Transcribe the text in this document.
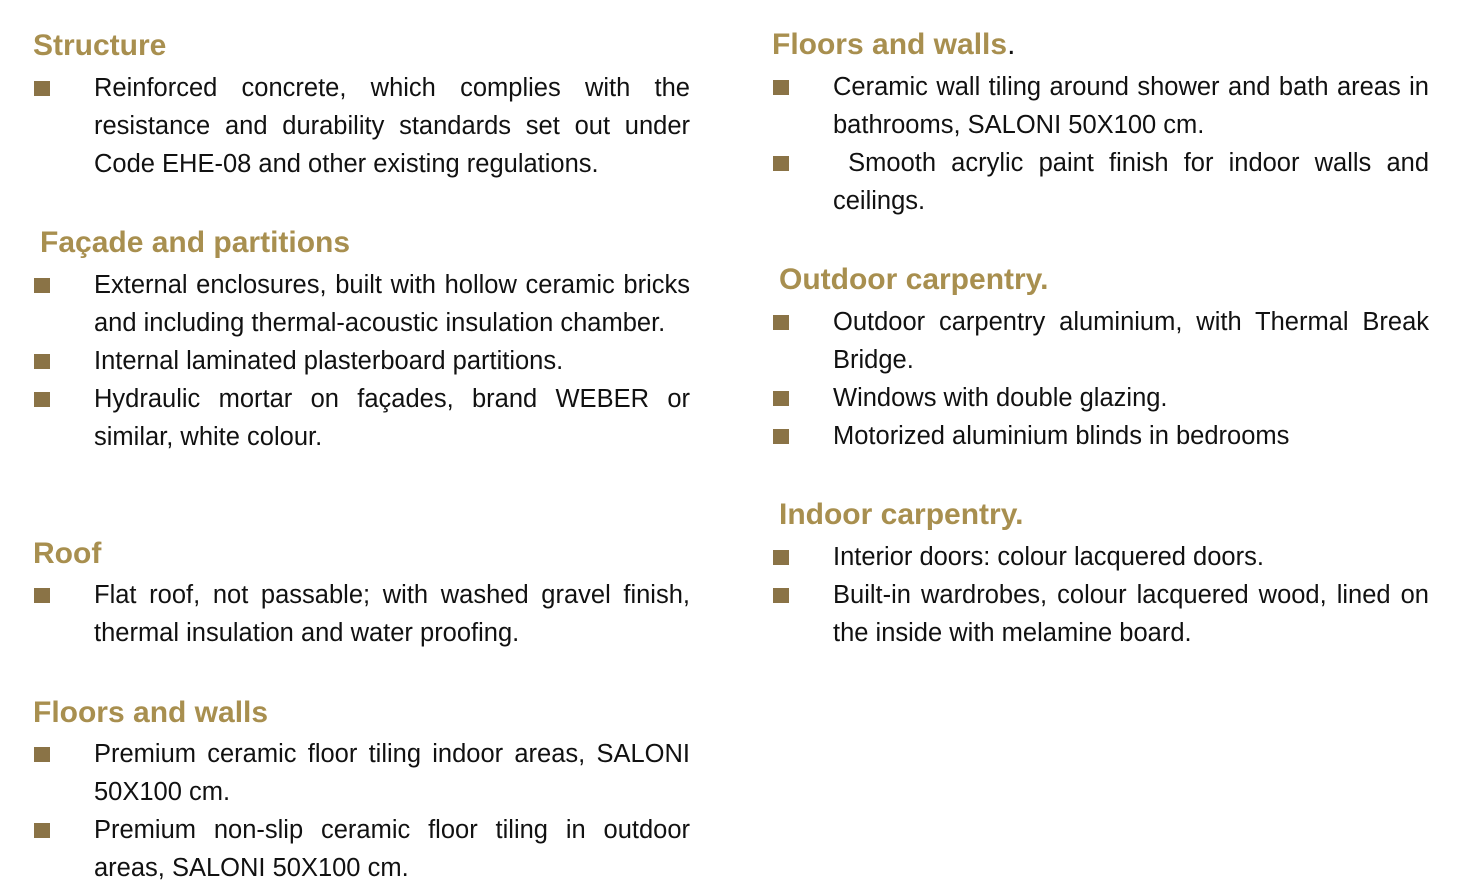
Structure
Reinforced concrete, which complies with the resistance and durability standards set out under Code EHE-08 and other existing regulations.
Façade and partitions
External enclosures, built with hollow ceramic bricks and including thermal-acoustic insulation chamber.
Internal laminated plasterboard partitions.
Hydraulic mortar on façades, brand WEBER or similar, white colour.
Roof
Flat roof, not passable; with washed gravel finish, thermal insulation and water proofing.
Floors and walls
Premium ceramic floor tiling indoor areas, SALONI 50X100 cm.
Premium non-slip ceramic floor tiling in outdoor areas, SALONI 50X100 cm.
Floors and walls.
Ceramic wall tiling around shower and bath areas in bathrooms, SALONI 50X100 cm.
Smooth acrylic paint finish for indoor walls and ceilings.
Outdoor carpentry.
Outdoor carpentry aluminium, with Thermal Break Bridge.
Windows with double glazing.
Motorized aluminium blinds in bedrooms
Indoor carpentry.
Interior doors: colour lacquered doors.
Built-in wardrobes, colour lacquered wood, lined on the inside with melamine board.
